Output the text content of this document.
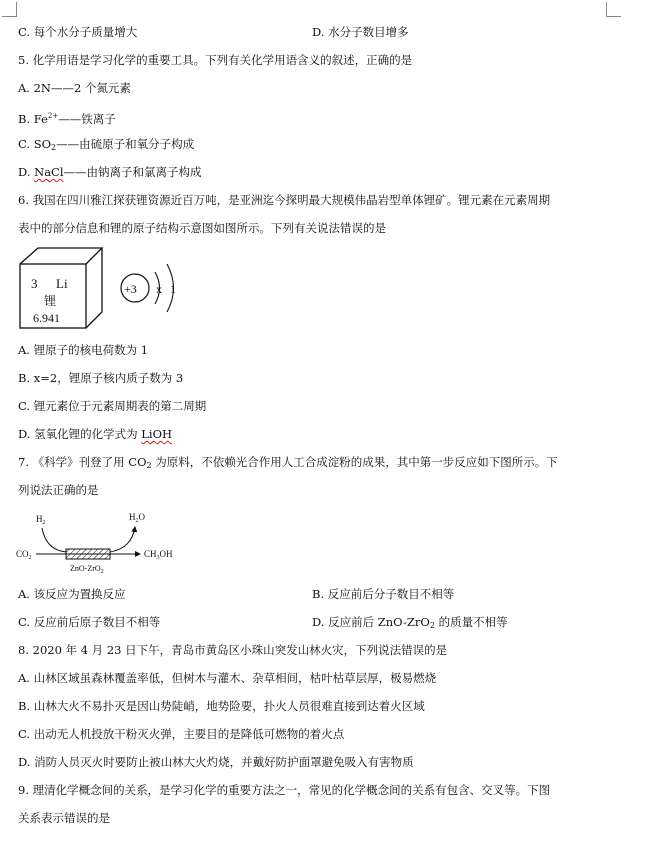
C. 每个水分子质量增大	D. 水分子数目增多
5. 化学用语是学习化学的重要工具。下列有关化学用语含义的叙述，正确的是
A. 2N——2 个氮元素
B. $Fe^{2+}——$铁离子
C. $SO_2——$由硫原子和氧分子构成
D. NaCl——由钠离子和氯离子构成
6. 我国在四川雅江探获锂资源近百万吨，是亚洲迄今探明最大规模伟晶岩型单体锂矿。锂元素在元素周期
表中的部分信息和锂的原子结构示意图如图所示。下列有关说法错误的是
3 Li
锂
6.941
+3 x 1
A. 锂原子的核电荷数为 1
B. x=2，锂原子核内质子数为 3
C. 锂元素位于元素周期表的第二周期
D. 氢氧化锂的化学式为 LiOH
7. 《科学》刊登了用 $CO_2$ 为原料，不依赖光合作用人工合成淀粉的成果，其中第一步反应如下图所示。下
列说法正确的是
$H_2$
$H_2O$
$CO_2$	$CH_3OH$
ZnO-ZrO$_2$
A. 该反应为置换反应	B. 反应前后分子数目不相等
C. 反应前后原子数目不相等	D. 反应前后 ZnO-ZrO$_2$ 的质量不相等
8. 2020 年 4 月 23 日下午，青岛市黄岛区小珠山突发山林火灾，下列说法错误的是
A. 山林区域虽森林覆盖率低，但树木与灌木、杂草相间，枯叶枯草层厚，极易燃烧
B. 山林大火不易扑灭是因山势陡峭，地势险要，扑火人员很难直接到达着火区域
C. 出动无人机投放干粉灭火弹，主要目的是降低可燃物的着火点
D. 消防人员灭火时要防止被山林大火灼烧，并戴好防护面罩避免吸入有害物质
9. 理清化学概念间的关系，是学习化学的重要方法之一，常见的化学概念间的关系有包含、交叉等。下图
关系表示错误的是
